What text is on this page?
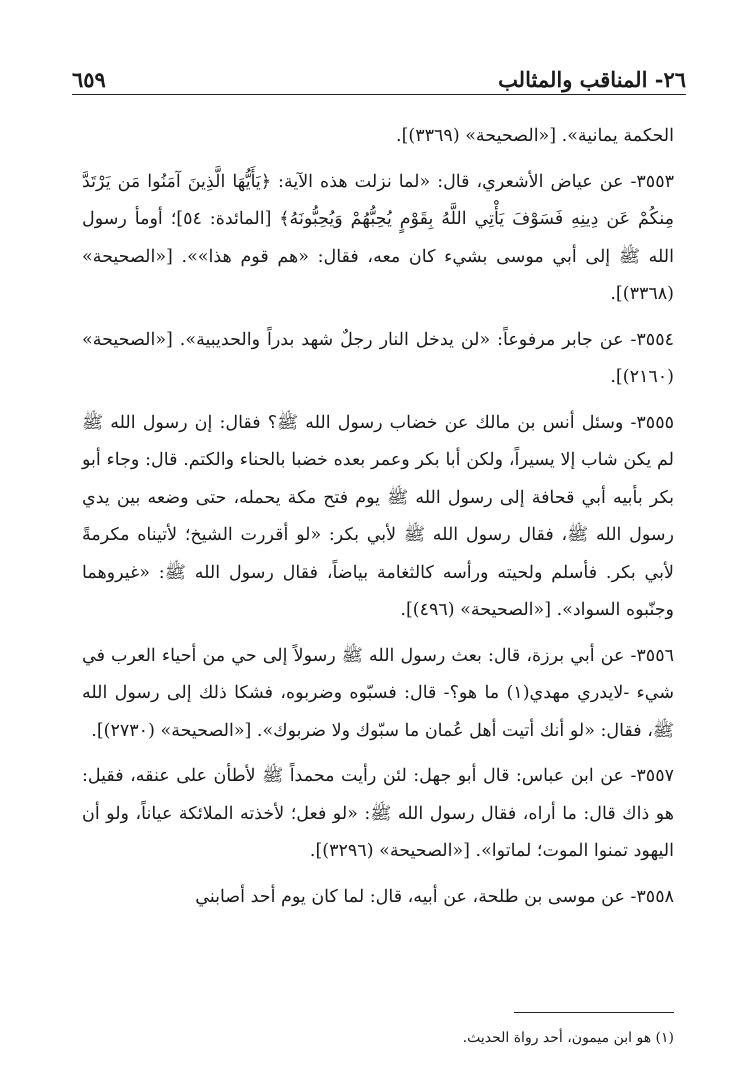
٢٦- المناقب والمثالب
٦٥٩

الحكمة يمانية». [«الصحيحة» (٣٣٦٩)].

٣٥٥٣- عن عياض الأشعري، قال: «لما نزلت هذه الآية: ﴿يَأَيُّهَا الَّذِينَ آمَنُوا مَن يَرْتَدَّ مِنكُمْ عَن دِينِهِ فَسَوْفَ يَأْتِي اللَّهُ بِقَوْمٍ يُحِبُّهُمْ وَيُحِبُّونَهُ﴾ [المائدة: ٥٤]؛ أومأ رسول الله ﷺ إلى أبي موسى بشيء كان معه، فقال: «هم قوم هذا»». [«الصحيحة» (٣٣٦٨)].

٣٥٥٤- عن جابر مرفوعاً: «لن يدخل النار رجلٌ شهد بدراً والحديبية». [«الصحيحة» (٢١٦٠)].

٣٥٥٥- وسئل أنس بن مالك عن خضاب رسول الله ﷺ؟ فقال: إن رسول الله ﷺ لم يكن شاب إلا يسيراً، ولكن أبا بكر وعمر بعده خضبا بالحناء والكتم. قال: وجاء أبو بكر بأبيه أبي قحافة إلى رسول الله ﷺ يوم فتح مكة يحمله، حتى وضعه بين يدي رسول الله ﷺ، فقال رسول الله ﷺ لأبي بكر: «لو أقررت الشيخ؛ لأتيناه مكرمةً لأبي بكر. فأسلم ولحيته ورأسه كالثغامة بياضاً، فقال رسول الله ﷺ: «غيروهما وجنّبوه السواد». [«الصحيحة» (٤٩٦)].

٣٥٥٦- عن أبي برزة، قال: بعث رسول الله ﷺ رسولاً إلى حي من أحياء العرب في شيء -لايدري مهدي(١) ما هو؟- قال: فسبّوه وضربوه، فشكا ذلك إلى رسول الله ﷺ، فقال: «لو أنك أتيت أهل عُمان ما سبّوك ولا ضربوك». [«الصحيحة» (٢٧٣٠)].

٣٥٥٧- عن ابن عباس: قال أبو جهل: لئن رأيت محمداً ﷺ لأطأن على عنقه، فقيل: هو ذاك قال: ما أراه، فقال رسول الله ﷺ: «لو فعل؛ لأخذته الملائكة عياناً، ولو أن اليهود تمنوا الموت؛ لماتوا». [«الصحيحة» (٣٢٩٦)].

٣٥٥٨- عن موسى بن طلحة، عن أبيه، قال: لما كان يوم أحد أصابني

(١) هو ابن ميمون، أحد رواة الحديث.
